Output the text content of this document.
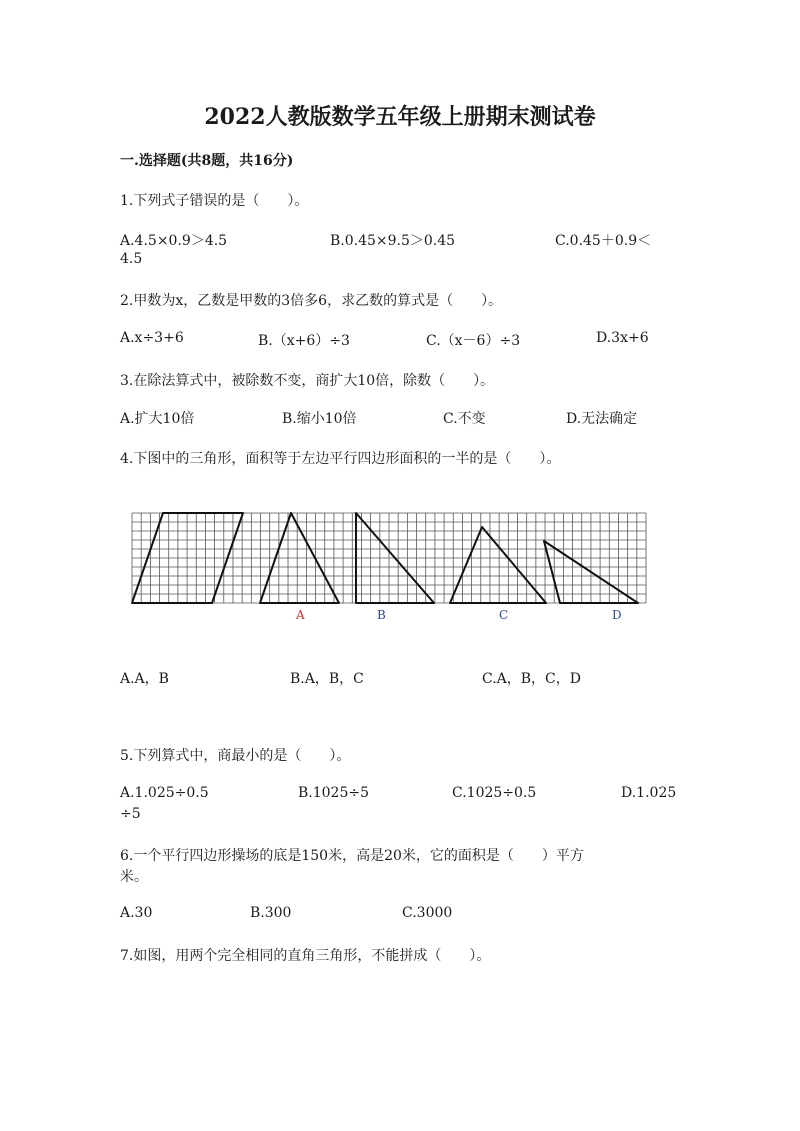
2022人教版数学五年级上册期末测试卷
一.选择题(共8题，共16分)
1.下列式子错误的是（　　）。
A.4.5×0.9＞4.5	B.0.45×9.5＞0.45	C.0.45＋0.9＜
4.5
2.甲数为x，乙数是甲数的3倍多6，求乙数的算式是（　　）。
A.x÷3+6	B.（x+6）÷3	C.（x－6）÷3	D.3x+6
3.在除法算式中，被除数不变，商扩大10倍，除数（　　）。
A.扩大10倍	B.缩小10倍	C.不变	D.无法确定
4.下图中的三角形，面积等于左边平行四边形面积的一半的是（　　）。
A	B	C	D
A.A，B	B.A，B，C	C.A，B，C，D
5.下列算式中，商最小的是（　　）。
A.1.025÷0.5	B.1025÷5	C.1025÷0.5	D.1.025
÷5
6.一个平行四边形操场的底是150米，高是20米，它的面积是（　　）平方
米。
A.30	B.300	C.3000
7.如图，用两个完全相同的直角三角形，不能拼成（　　）。
